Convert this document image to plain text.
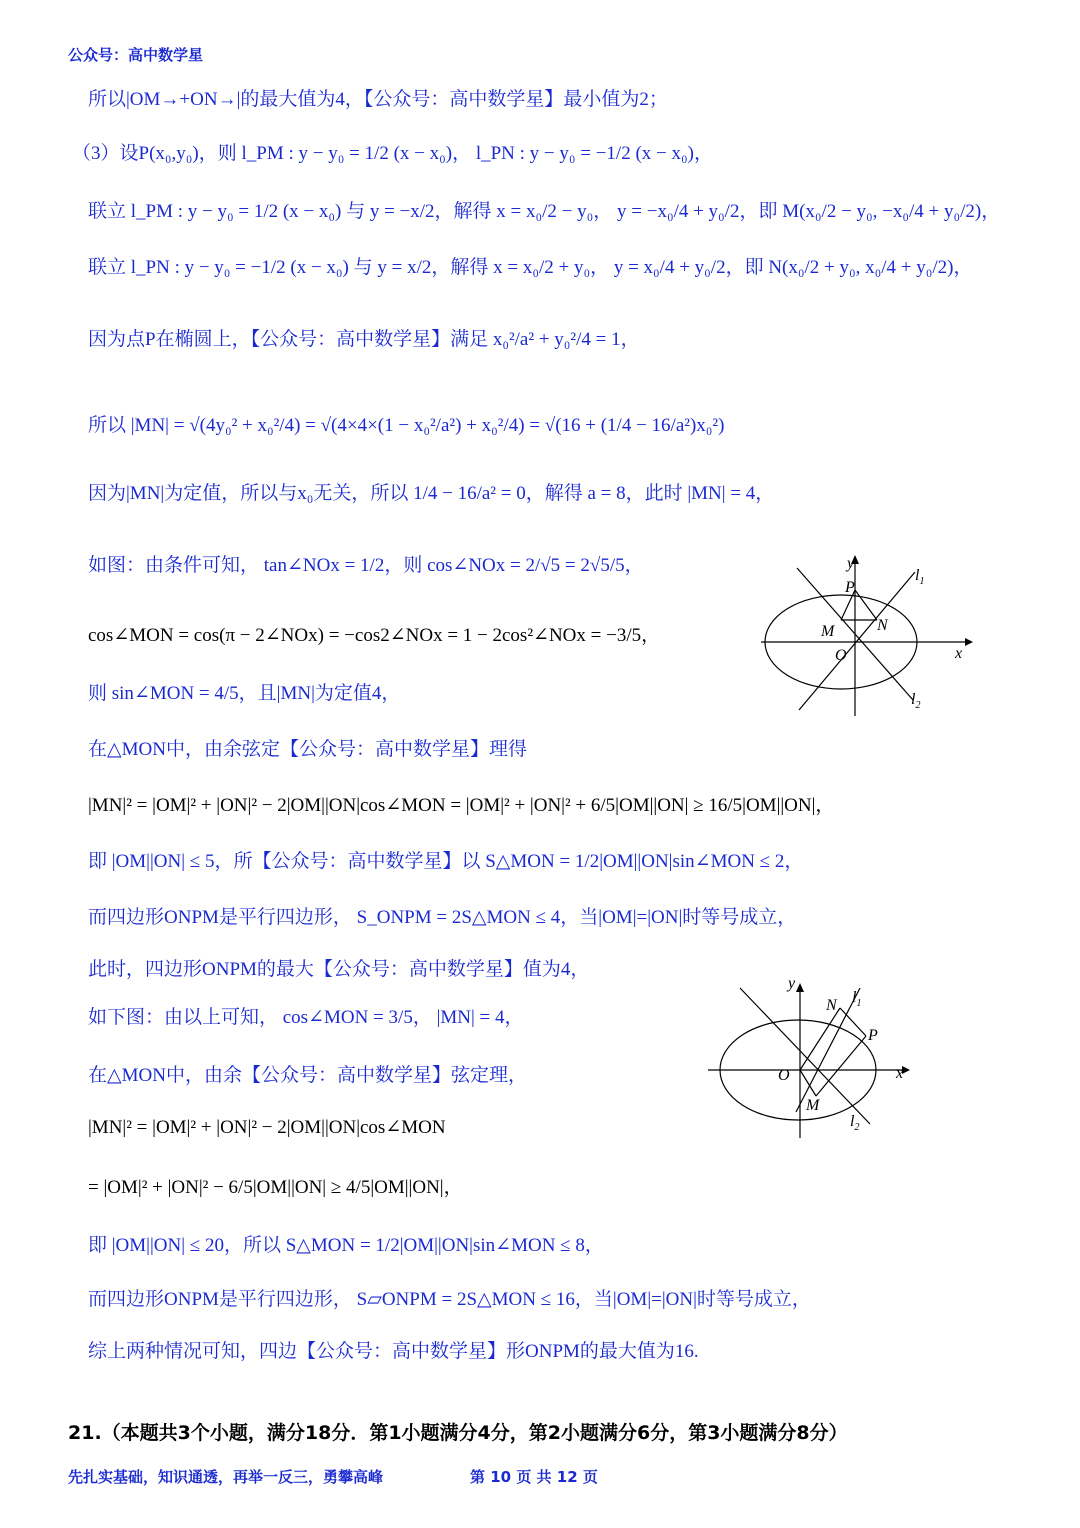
公众号：高中数学星
所以|OM→+ON→|的最大值为4，【公众号：高中数学星】最小值为2；
（3）设P(x₀,y₀)，则 l_PM : y − y₀ = 1/2 (x − x₀)， l_PN : y − y₀ = −1/2 (x − x₀)，
联立 l_PM : y − y₀ = 1/2 (x − x₀) 与 y = −x/2，解得 x = x₀/2 − y₀， y = −x₀/4 + y₀/2，即 M(x₀/2 − y₀, −x₀/4 + y₀/2)，
联立 l_PN : y − y₀ = −1/2 (x − x₀) 与 y = x/2，解得 x = x₀/2 + y₀， y = x₀/4 + y₀/2，即 N(x₀/2 + y₀, x₀/4 + y₀/2)，
因为点P在椭圆上，【公众号：高中数学星】满足 x₀²/a² + y₀²/4 = 1，
所以 |MN| = √(4y₀² + x₀²/4) = √(4×4×(1 − x₀²/a²) + x₀²/4) = √(16 + (1/4 − 16/a²)x₀²)
因为|MN|为定值，所以与x₀无关，所以 1/4 − 16/a² = 0，解得 a = 8，此时 |MN| = 4，
如图：由条件可知， tan∠NOx = 1/2，则 cos∠NOx = 2/√5 = 2√5/5，
cos∠MON = cos(π − 2∠NOx) = −cos2∠NOx = 1 − 2cos²∠NOx = −3/5，
则 sin∠MON = 4/5，且|MN|为定值4，
在△MON中，由余弦定【公众号：高中数学星】理得
|MN|² = |OM|² + |ON|² − 2|OM||ON|cos∠MON = |OM|² + |ON|² + 6/5|OM||ON| ≥ 16/5|OM||ON|，
即 |OM||ON| ≤ 5，所【公众号：高中数学星】以 S△MON = 1/2|OM||ON|sin∠MON ≤ 2，
而四边形ONPM是平行四边形， S_ONPM = 2S△MON ≤ 4，当|OM|=|ON|时等号成立，
此时，四边形ONPM的最大【公众号：高中数学星】值为4，
如下图：由以上可知， cos∠MON = 3/5， |MN| = 4，
在△MON中，由余【公众号：高中数学星】弦定理，
|MN|² = |OM|² + |ON|² − 2|OM||ON|cos∠MON
= |OM|² + |ON|² − 6/5|OM||ON| ≥ 4/5|OM||ON|，
即 |OM||ON| ≤ 20，所以 S△MON = 1/2|OM||ON|sin∠MON ≤ 8，
而四边形ONPM是平行四边形， S▱ONPM = 2S△MON ≤ 16，当|OM|=|ON|时等号成立，
综上两种情况可知，四边【公众号：高中数学星】形ONPM的最大值为16.
21.（本题共3个小题，满分18分．第1小题满分4分，第2小题满分6分，第3小题满分8分）
y
x
O
P
M	N
$l_1$
$l_2$
y
x
O
P
M
N $l_1$
$l_2$
先扎实基础，知识通透，再举一反三，勇攀高峰	第 10 页 共 12 页
